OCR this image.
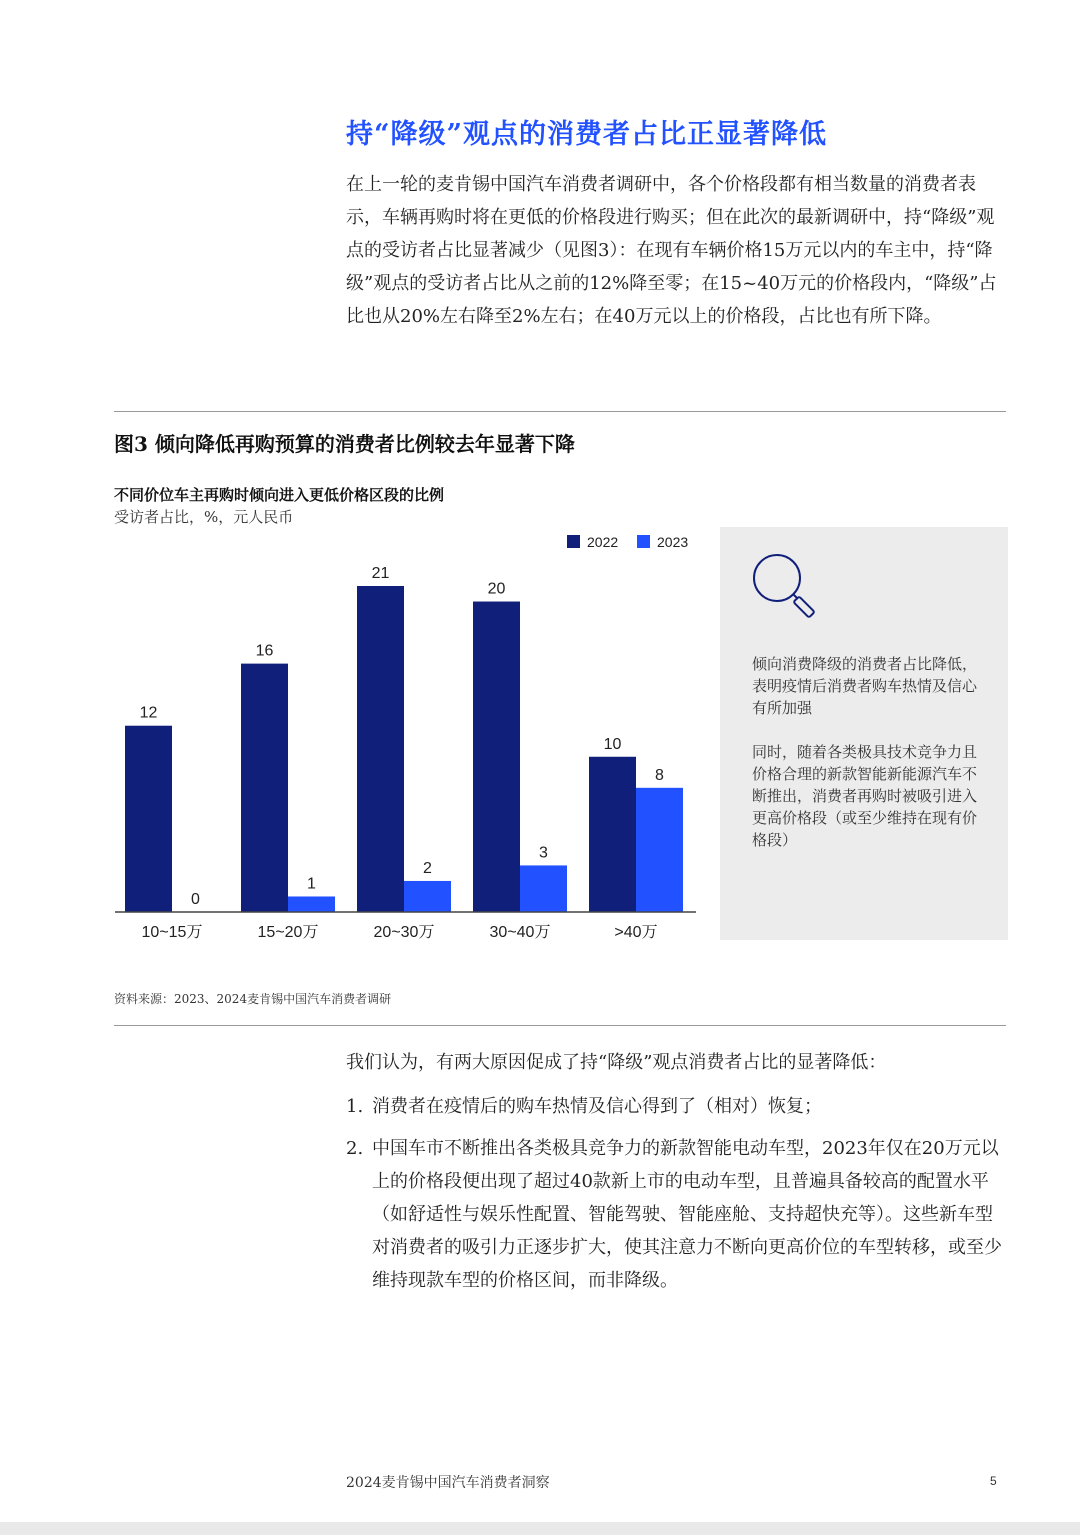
持“降级”观点的消费者占比正显著降低
在上一轮的麦肯锡中国汽车消费者调研中，各个价格段都有相当数量的消费者表示，车辆再购时将在更低的价格段进行购买；但在此次的最新调研中，持“降级”观点的受访者占比显著减少（见图3）：在现有车辆价格15万元以内的车主中，持“降级”观点的受访者占比从之前的12%降至零；在15~40万元的价格段内，“降级”占比也从20%左右降至2%左右；在40万元以上的价格段，占比也有所下降。
图3 倾向降低再购预算的消费者比例较去年显著下降
不同价位车主再购时倾向进入更低价格区段的比例
受访者占比，%，元人民币
12
0
10~15万
16
1
15~20万
21
2
20~30万
20
3
30~40万
10
8
>40万
2022	2023
倾向消费降级的消费者占比降低，表明疫情后消费者购车热情及信心有所加强
同时，随着各类极具技术竞争力且价格合理的新款智能新能源汽车不断推出，消费者再购时被吸引进入更高价格段（或至少维持在现有价格段）
资料来源：2023、2024麦肯锡中国汽车消费者调研
我们认为，有两大原因促成了持“降级”观点消费者占比的显著降低：
1. 消费者在疫情后的购车热情及信心得到了（相对）恢复；
2. 中国车市不断推出各类极具竞争力的新款智能电动车型，2023年仅在20万元以上的价格段便出现了超过40款新上市的电动车型，且普遍具备较高的配置水平（如舒适性与娱乐性配置、智能驾驶、智能座舱、支持超快充等）。这些新车型对消费者的吸引力正逐步扩大，使其注意力不断向更高价位的车型转移，或至少维持现款车型的价格区间，而非降级。
2024麦肯锡中国汽车消费者洞察	5
